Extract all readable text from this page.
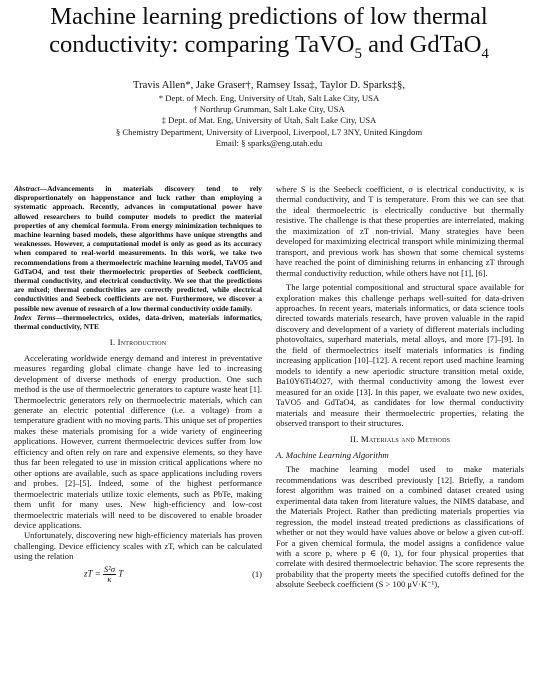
Machine learning predictions of low thermal
conductivity: comparing TaVO$_5$ and GdTaO$_4$
Travis Allen*, Jake Graser†, Ramsey Issa‡, Taylor D. Sparks‡§,
* Dept. of Mech. Eng, University of Utah, Salt Lake City, USA
† Northrup Grumman, Salt Lake City, USA
‡ Dept. of Mat. Eng, University of Utah, Salt Lake City, USA
§ Chemistry Department, University of Liverpool, Liverpool, L7 3NY, United Kingdom
Email: § sparks@eng.utah.edu
Abstract—Advancements in materials discovery tend to rely disproportionately on happenstance and luck rather than employing a systematic approach. Recently, advances in computational power have allowed researchers to build computer models to predict the material properties of any chemical formula. From energy minimization techniques to machine learning based models, these algorithms have unique strengths and weaknesses. However, a computational model is only as good as its accuracy when compared to real-world measurements. In this work, we take two recommendations from a thermoelectric machine learning model, TaVO5 and GdTaO4, and test their thermoelectric properties of Seebeck coefficient, thermal conductivity, and electrical conductivity. We see that the predictions are mixed; thermal conductivities are correctly predicted, while electrical conductivities and Seebeck coefficients are not. Furthermore, we discover a possible new avenue of research of a low thermal conductivity oxide family.
Index Terms—thermoelectrics, oxides, data-driven, materials informatics, thermal conductivity, NTE
I. Introduction

Accelerating worldwide energy demand and interest in preventative measures regarding global climate change have led to increasing development of diverse methods of energy production. One such method is the use of thermoelectric generators to capture waste heat [1]. Thermoelectric generators rely on thermoelectric materials, which can generate an electric potential difference (i.e. a voltage) from a temperature gradient with no moving parts. This unique set of properties makes these materials promising for a wide variety of engineering applications. However, current thermoelectric devices suffer from low efficiency and often rely on rare and expensive elements, so they have thus far been relegated to use in mission critical applications where no other options are available, such as space applications including rovers and probes. [2]–[5]. Indeed, some of the highest performance thermoelectric materials utilize toxic elements, such as PbTe, making them unfit for many uses. New high-efficiency and low-cost thermoelectric materials will need to be discovered to enable broader device applications.

Unfortunately, discovering new high-efficiency materials has proven challenging. Device efficiency scales with zT, which can be calculated using the relation

zT = $\frac{\text{S²σ}}{\kappa}$ T	(1)

where S is the Seebeck coefficient, σ is electrical conductivity, κ is thermal conductivity, and T is temperature. From this we can see that the ideal thermoelectric is electrically conductive but thermally resistive. The challenge is that these properties are interrelated, making the maximization of zT non-trivial. Many strategies have been developed for maximizing electrical transport while minimizing thermal transport, and previous work has shown that some chemical systems have reached the point of diminishing returns in enhancing zT through thermal conductivity reduction, while others have not [1], [6].

The large potential compositional and structural space available for exploration makes this challenge perhaps well-suited for data-driven approaches. In recent years, materials informatics, or data science tools directed towards materials research, have proven valuable in the rapid discovery and development of a variety of different materials including photovoltaics, superhard materials, metal alloys, and more [7]–[9]. In the field of thermoelectrics itself materials informatics is finding increasing application [10]–[12]. A recent report used machine learning models to identify a new aperiodic structure transition metal oxide, Ba10Y6Ti4O27, with thermal conductivity among the lowest ever measured for an oxide [13]. In this paper, we evaluate two new oxides, TaVO5 and GdTaO4, as candidates for low thermal conductivity materials and measure their thermoelectric properties, relating the observed transport to their structures.

II. Materials and Methods
A. Machine Learning Algorithm

The machine learning model used to make materials recommendations was described previously [12]. Briefly, a random forest algorithm was trained on a combined dataset created using experimental data taken from literature values, the NIMS database, and the Materials Project. Rather than predicting materials properties via regression, the model instead treated predictions as classifications of whether or not they would have values above or below a given cut-off. For a given chemical formula, the model assigns a confidence value with a score p, where p ∈ (0, 1), for four physical properties that correlate with desired thermoelectric behavior. The score represents the probability that the property meets the specified cutoffs defined for the absolute Seebeck coefficient (S > 100 μV·K⁻¹),
